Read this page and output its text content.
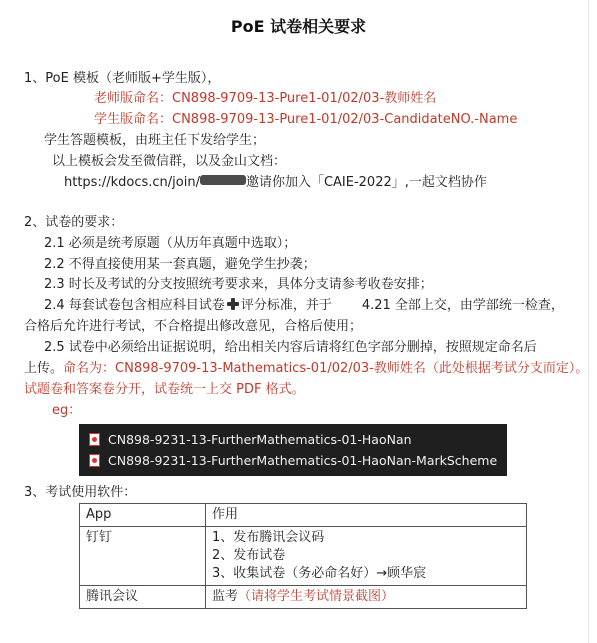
PoE 试卷相关要求
1、PoE 模板（老师版+学生版），
老师版命名：CN898-9709-13-Pure1-01/02/03-教师姓名
学生版命名：CN898-9709-13-Pure1-01/02/03-CandidateNO.-Name
学生答题模板，由班主任下发给学生；
以上模板会发至微信群，以及金山文档：
https://kdocs.cn/join/	邀请你加入「CAIE-2022」,一起文档协作
2、试卷的要求：
2.1 必须是统考原题（从历年真题中选取）；
2.2 不得直接使用某一套真题，避免学生抄袭；
2.3 时长及考试的分支按照统考要求来，具体分支请参考收卷安排；
2.4 每套试卷包含相应科目试卷 评分标准，并于 4.21 全部上交，由学部统一检查，
合格后允许进行考试，不合格提出修改意见，合格后使用；
2.5 试卷中必须给出证据说明，给出相关内容后请将红色字部分删掉，按照规定命名后
上传。命名为：CN898-9709-13-Mathematics-01/02/03-教师姓名（此处根据考试分支而定）。
试题卷和答案卷分开，试卷统一上交 PDF 格式。
eg：
CN898-9231-13-FurtherMathematics-01-HaoNan
CN898-9231-13-FurtherMathematics-01-HaoNan-MarkScheme
3、考试使用软件：
App	作用
钉钉	1、发布腾讯会议码
2、发布试卷
3、收集试卷（务必命名好）→顾华宸

腾讯会议	监考（请将学生考试情景截图）
